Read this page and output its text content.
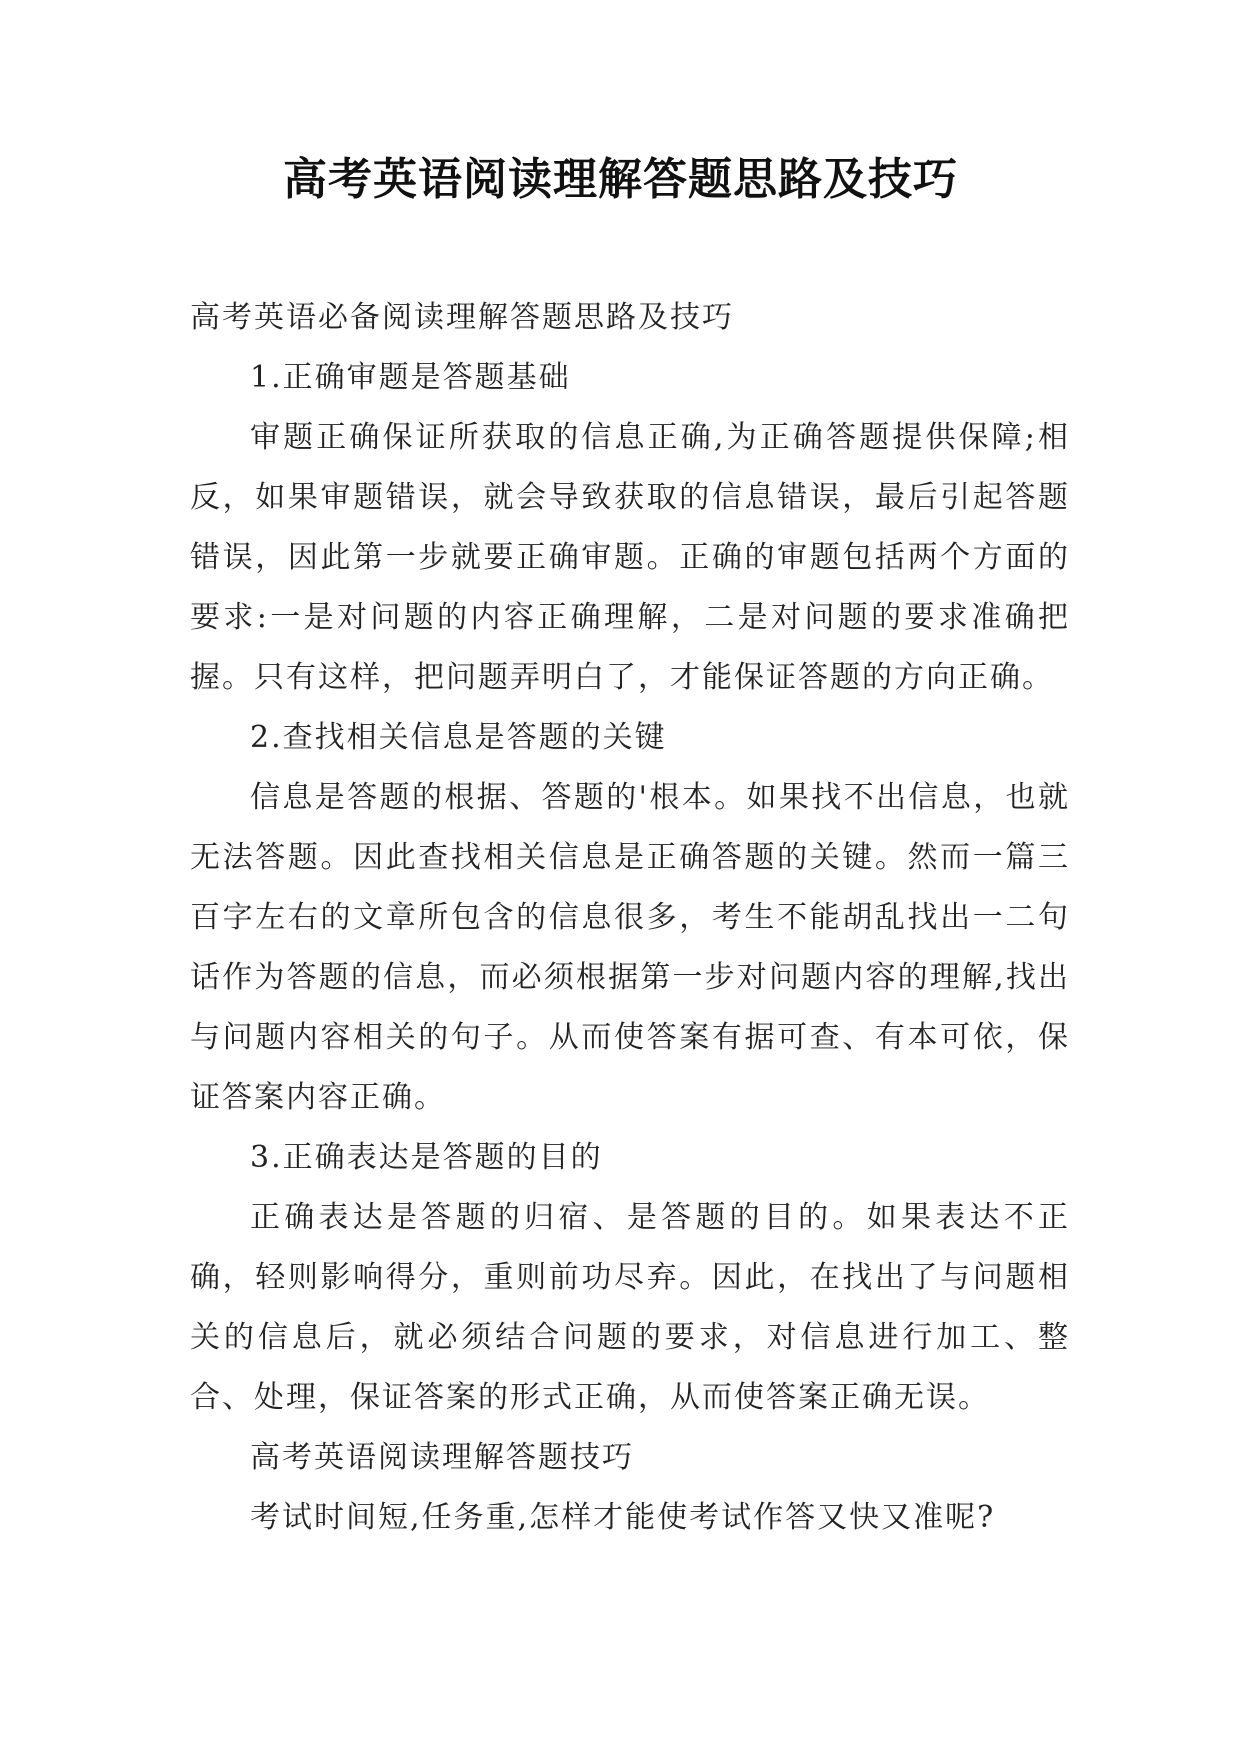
高考英语阅读理解答题思路及技巧

高考英语必备阅读理解答题思路及技巧

1.正确审题是答题基础

审题正确保证所获取的信息正确,为正确答题提供保障;相反，如果审题错误，就会导致获取的信息错误，最后引起答题错误，因此第一步就要正确审题。正确的审题包括两个方面的要求:一是对问题的内容正确理解，二是对问题的要求准确把握。只有这样，把问题弄明白了，才能保证答题的方向正确。

2.查找相关信息是答题的关键

信息是答题的根据、答题的'根本。如果找不出信息，也就无法答题。因此查找相关信息是正确答题的关键。然而一篇三百字左右的文章所包含的信息很多，考生不能胡乱找出一二句话作为答题的信息，而必须根据第一步对问题内容的理解,找出与问题内容相关的句子。从而使答案有据可查、有本可依，保证答案内容正确。

3.正确表达是答题的目的

正确表达是答题的归宿、是答题的目的。如果表达不正确，轻则影响得分，重则前功尽弃。因此，在找出了与问题相关的信息后，就必须结合问题的要求，对信息进行加工、整合、处理，保证答案的形式正确，从而使答案正确无误。

高考英语阅读理解答题技巧

考试时间短,任务重,怎样才能使考试作答又快又准呢?
